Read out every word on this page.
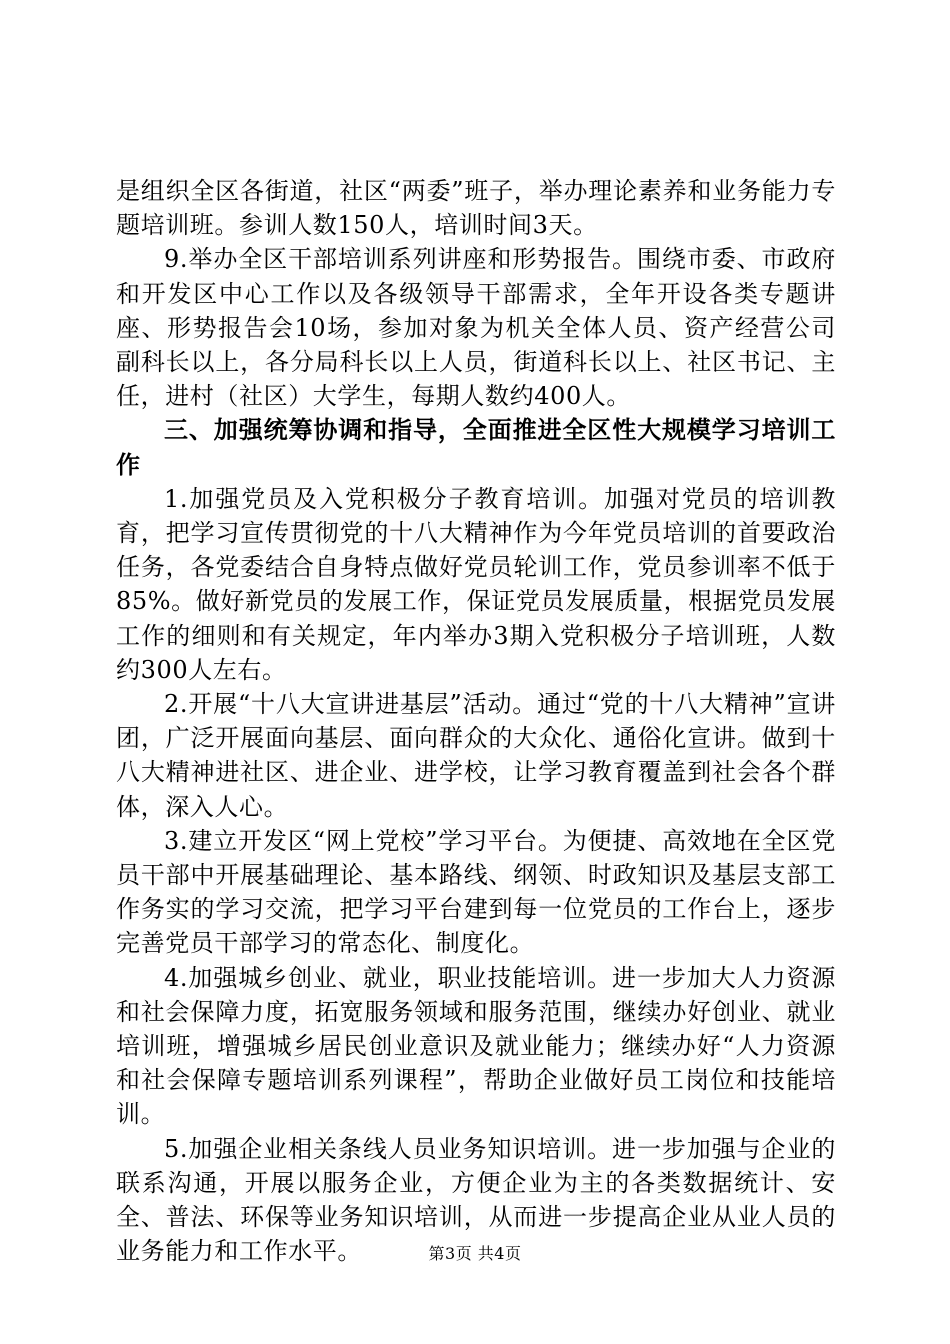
是组织全区各街道，社区“两委”班子，举办理论素养和业务能力专题培训班。参训人数150人，培训时间3天。

9.举办全区干部培训系列讲座和形势报告。围绕市委、市政府和开发区中心工作以及各级领导干部需求，全年开设各类专题讲座、形势报告会10场，参加对象为机关全体人员、资产经营公司副科长以上，各分局科长以上人员，街道科长以上、社区书记、主任，进村（社区）大学生，每期人数约400人。

三、加强统筹协调和指导，全面推进全区性大规模学习培训工作

1.加强党员及入党积极分子教育培训。加强对党员的培训教育，把学习宣传贯彻党的十八大精神作为今年党员培训的首要政治任务，各党委结合自身特点做好党员轮训工作，党员参训率不低于85%。做好新党员的发展工作，保证党员发展质量，根据党员发展工作的细则和有关规定，年内举办3期入党积极分子培训班，人数约300人左右。

2.开展“十八大宣讲进基层”活动。通过“党的十八大精神”宣讲团，广泛开展面向基层、面向群众的大众化、通俗化宣讲。做到十八大精神进社区、进企业、进学校，让学习教育覆盖到社会各个群体，深入人心。

3.建立开发区“网上党校”学习平台。为便捷、高效地在全区党员干部中开展基础理论、基本路线、纲领、时政知识及基层支部工作务实的学习交流，把学习平台建到每一位党员的工作台上，逐步完善党员干部学习的常态化、制度化。

4.加强城乡创业、就业，职业技能培训。进一步加大人力资源和社会保障力度，拓宽服务领域和服务范围，继续办好创业、就业培训班，增强城乡居民创业意识及就业能力；继续办好“人力资源和社会保障专题培训系列课程”，帮助企业做好员工岗位和技能培训。

5.加强企业相关条线人员业务知识培训。进一步加强与企业的联系沟通，开展以服务企业，方便企业为主的各类数据统计、安全、普法、环保等业务知识培训，从而进一步提高企业从业人员的业务能力和工作水平。	第3页 共4页
